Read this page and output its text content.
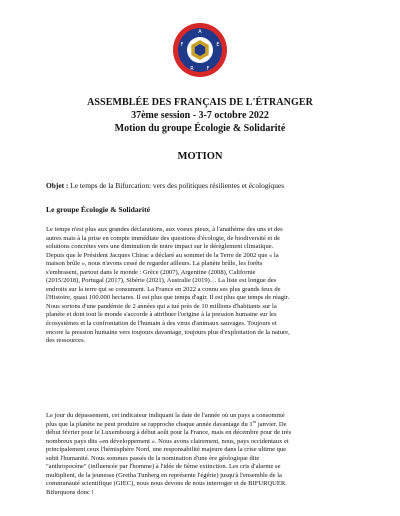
A
F	E
R	F
ASSEMBLÉE DES FRANÇAIS DE L'ÉTRANGER
37ème session - 3-7 octobre 2022
Motion du groupe Écologie & Solidarité
MOTION
Objet : Le temps de la Bifurcation: vers des politiques résilientes et écologiques
Le groupe Écologie & Solidarité
Le temps n'est plus aux grandes déclarations, aux voeux pieux, à l'anathème des uns et des
autres mais à la prise en compte immédiate des questions d'écologie, de biodiversité et de
solutions concrètes vers une diminution de notre impact sur le dérèglement climatique.
Depuis que le Président Jacques Chirac a déclaré au sommet de la Terre de 2002 que « la
maison brûle », nous n'avons cessé de regarder ailleurs. La planète brûle, les forêts
s'embrasent, partout dans le monde : Grèce (2007), Argentine (2008), Californie
(2015/2018), Portugal (2017), Sibérie (2021), Australie (2019)… La liste est longue des
endroits sur la terre qui se consument. La France en 2022 a connu ses plus grands feux de
l'Histoire, quasi 100.000 hectares. Il est plus que temps d'agir. Il est plus que temps de réagir.
Nous sortons d'une pandémie de 2 années qui a tué près de 10 millions d'habitants sur la
planète et dont tout le monde s'accorde à attribuer l'origine à la pression humaine sur les
écosystèmes et la confrontation de l'humain à des virus d'animaux sauvages. Toujours et
encore la pression humaine vers toujours davantage, toujours plus d'exploitation de la nature,
des ressources.
Le jour du dépassement, cet indicateur indiquant la date de l'année où un pays a consommé
plus que la planète ne peut produire se rapproche chaque année davantage du 1er janvier. De
début février pour le Luxembourg à début août pour la France, mais en décembre pour de très
nombreux pays dits «en développement ». Nous avons clairement, nous, pays occidentaux et
principalement ceux l'hémisphère Nord, une responsabilité majeure dans la crise ultime que
subit l'humanité. Nous sommes passés de la nomination d'une ère géologique dite
"anthropocène" (influencée par l'homme) à l'idée de 6ème extinction. Les cris d'alarme se
multiplient, de la jeunesse (Gretha Tunberg en représente l'égérie) jusqu'à l'ensemble de la
communauté scientifique (GIEC), nous nous devons de nous interroger et de BIFURQUER.
Bifurquons donc !
